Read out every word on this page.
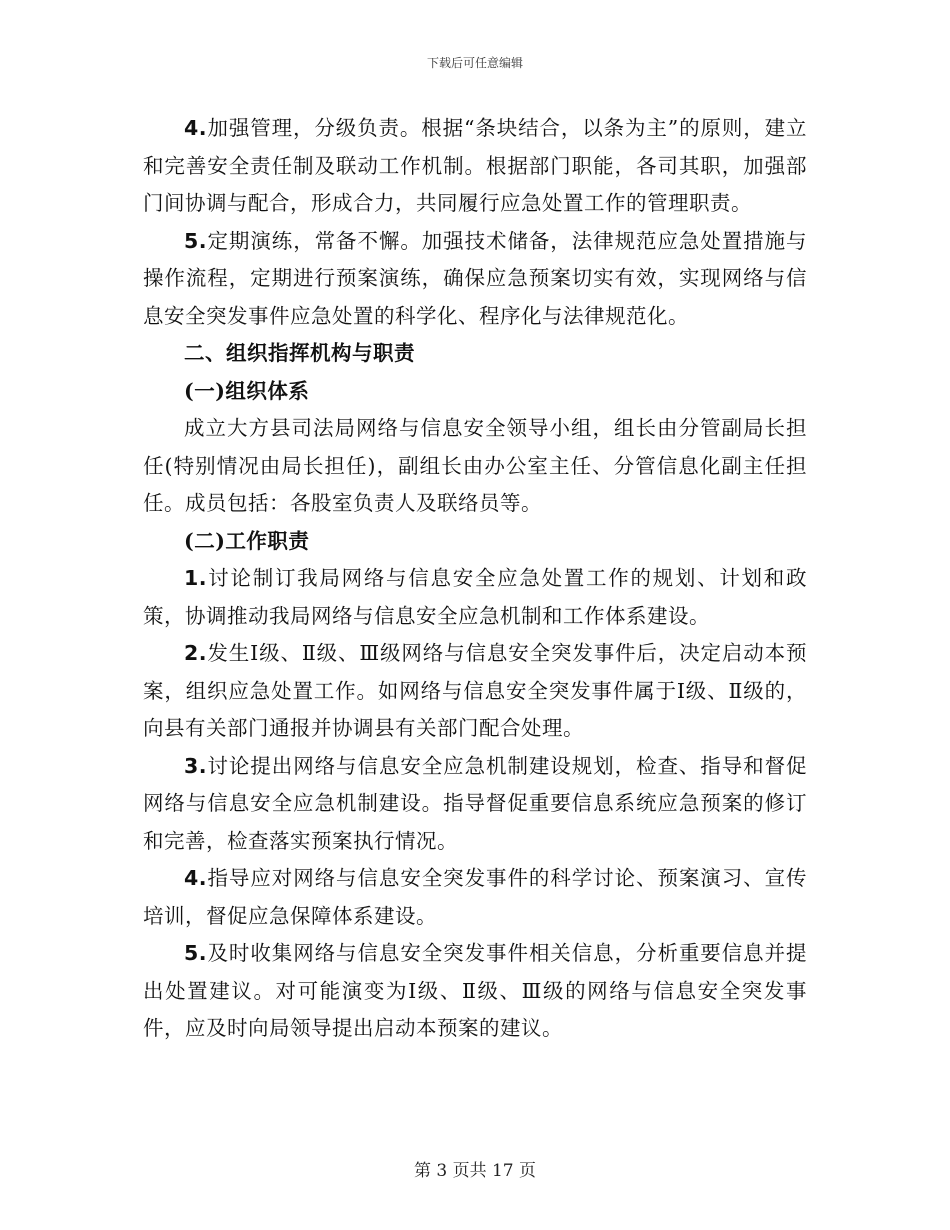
下载后可任意编辑

4.加强管理，分级负责。根据“条块结合，以条为主”的原则，建立和完善安全责任制及联动工作机制。根据部门职能，各司其职，加强部门间协调与配合，形成合力，共同履行应急处置工作的管理职责。

5.定期演练，常备不懈。加强技术储备，法律规范应急处置措施与操作流程，定期进行预案演练，确保应急预案切实有效，实现网络与信息安全突发事件应急处置的科学化、程序化与法律规范化。

二、组织指挥机构与职责

(一)组织体系

成立大方县司法局网络与信息安全领导小组，组长由分管副局长担任(特别情况由局长担任)，副组长由办公室主任、分管信息化副主任担任。成员包括：各股室负责人及联络员等。

(二)工作职责

1.讨论制订我局网络与信息安全应急处置工作的规划、计划和政策，协调推动我局网络与信息安全应急机制和工作体系建设。

2.发生Ⅰ级、Ⅱ级、Ⅲ级网络与信息安全突发事件后，决定启动本预案，组织应急处置工作。如网络与信息安全突发事件属于Ⅰ级、Ⅱ级的，向县有关部门通报并协调县有关部门配合处理。

3.讨论提出网络与信息安全应急机制建设规划，检查、指导和督促网络与信息安全应急机制建设。指导督促重要信息系统应急预案的修订和完善，检查落实预案执行情况。

4.指导应对网络与信息安全突发事件的科学讨论、预案演习、宣传培训，督促应急保障体系建设。

5.及时收集网络与信息安全突发事件相关信息，分析重要信息并提出处置建议。对可能演变为Ⅰ级、Ⅱ级、Ⅲ级的网络与信息安全突发事件，应及时向局领导提出启动本预案的建议。

第 3 页共 17 页
